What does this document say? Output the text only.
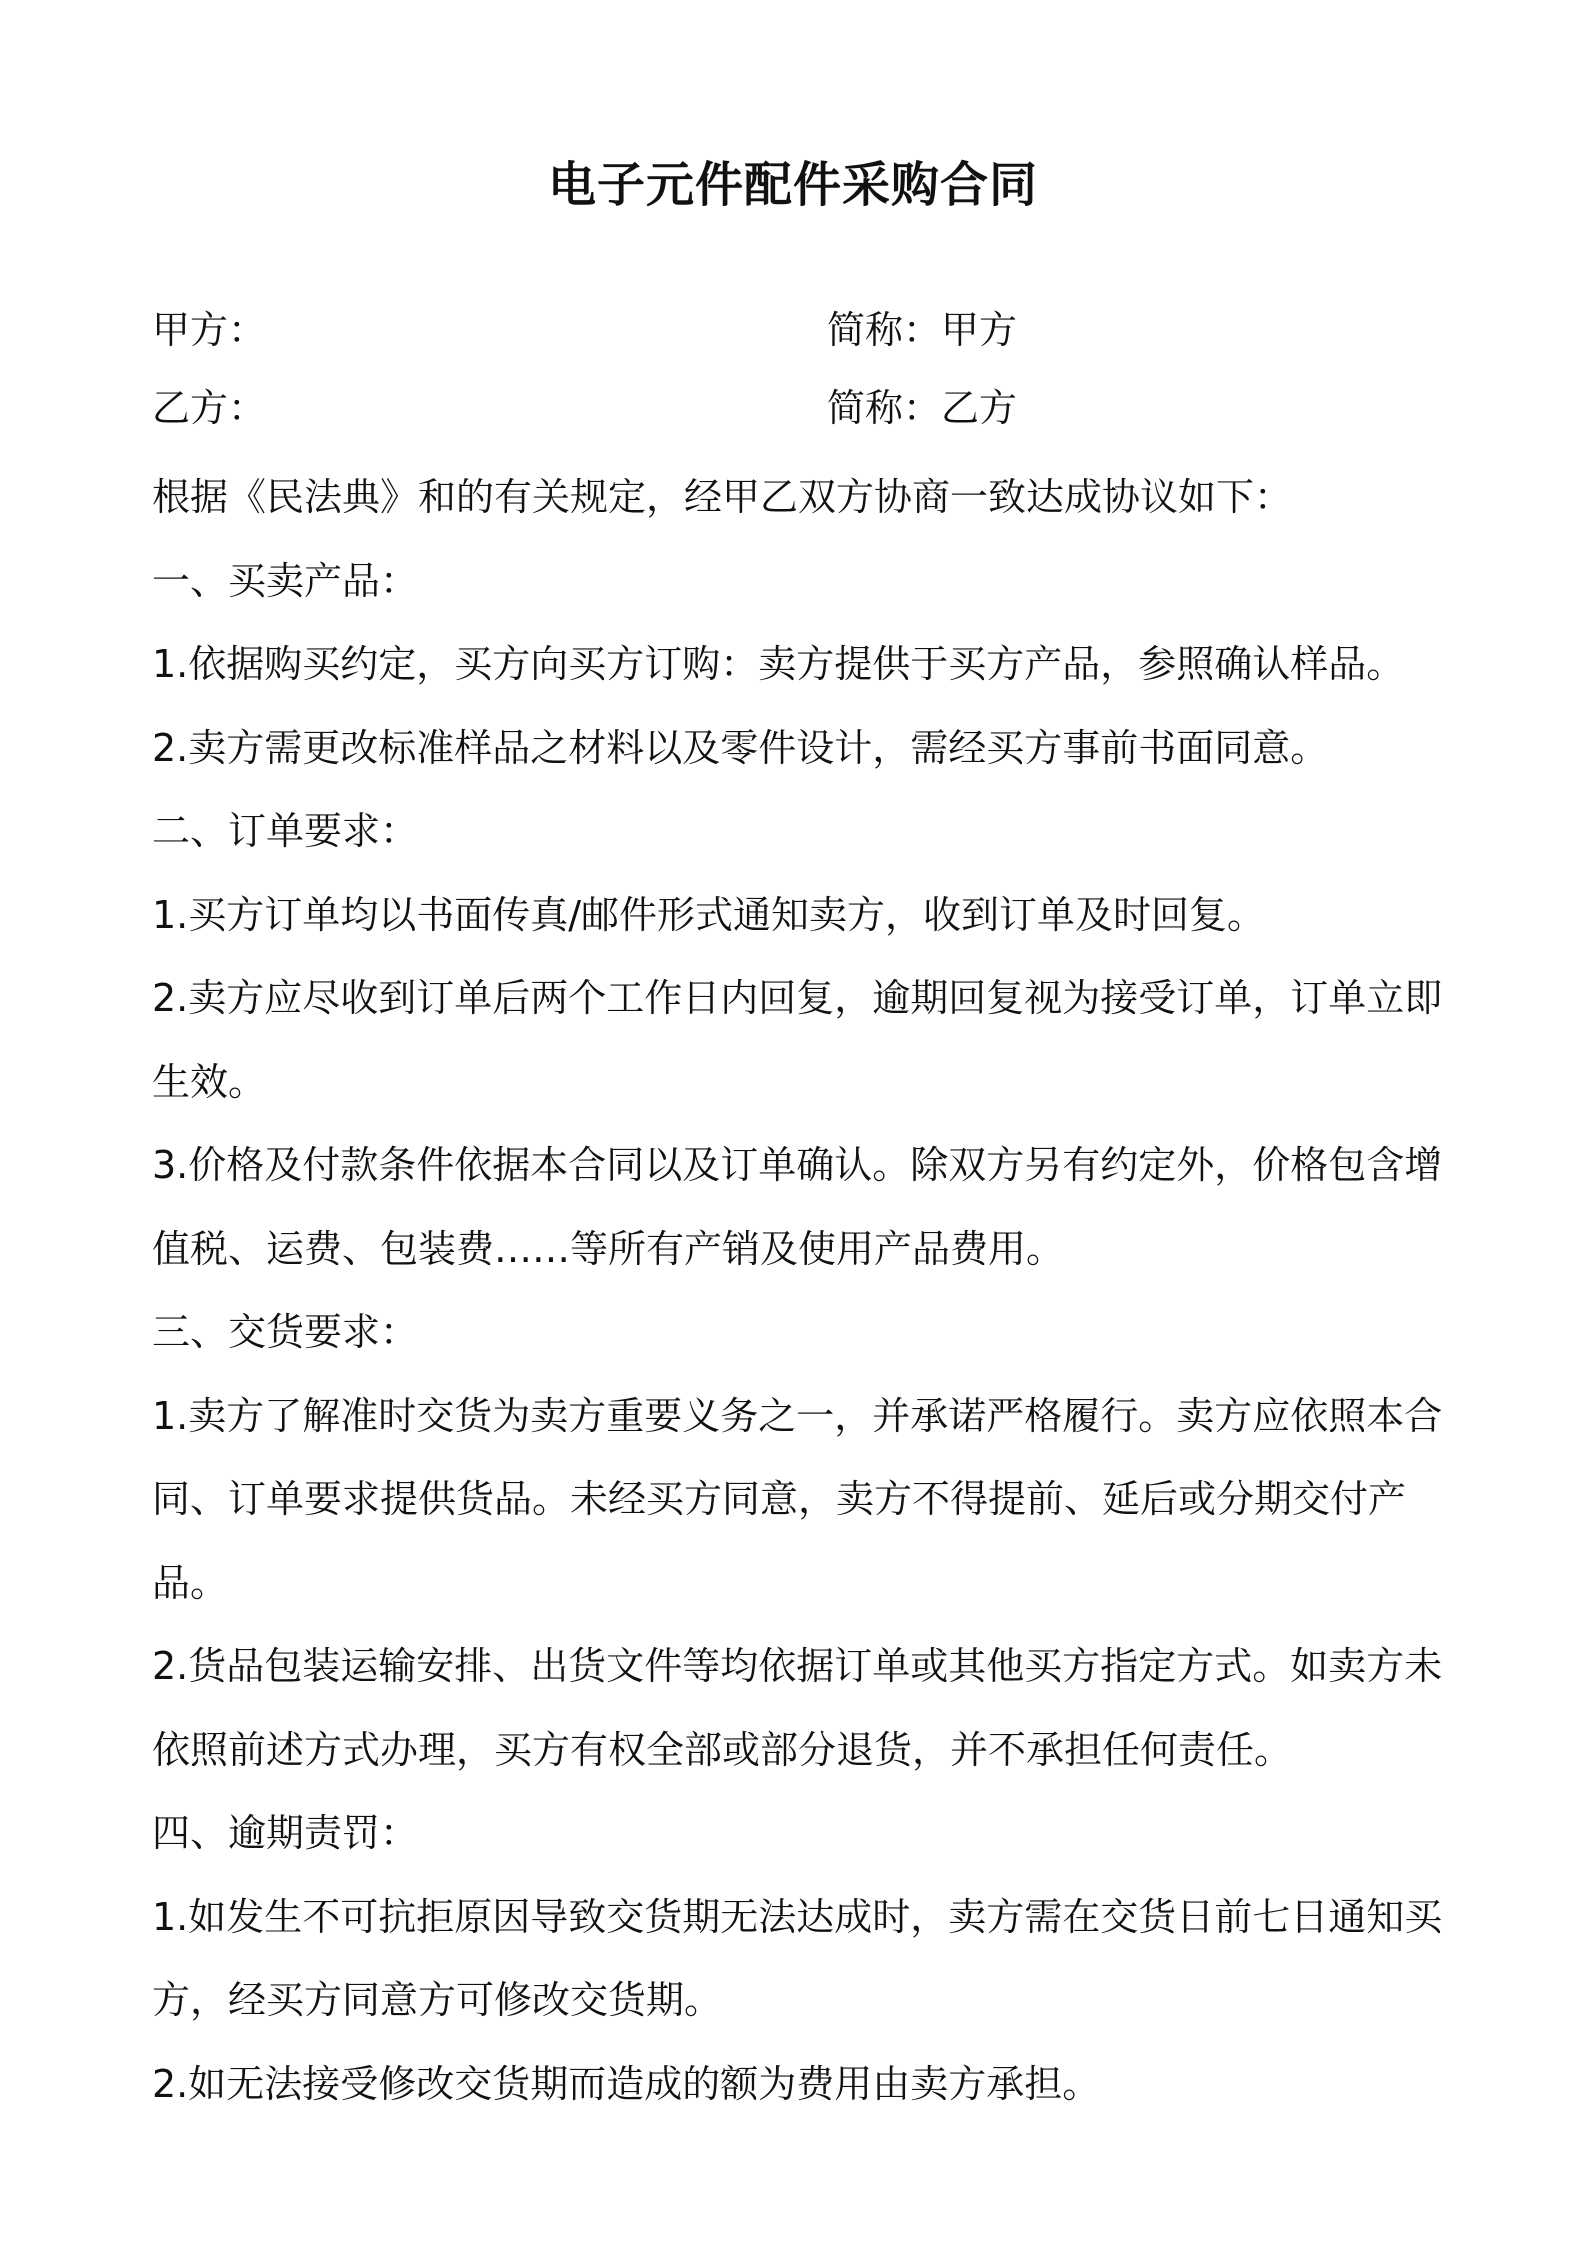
电子元件配件采购合同
甲方：	简称：甲方
乙方：	简称：乙方

根据《民法典》和的有关规定，经甲乙双方协商一致达成协议如下：

一、买卖产品：

1.依据购买约定，买方向买方订购：卖方提供于买方产品，参照确认样品。

2.卖方需更改标准样品之材料以及零件设计，需经买方事前书面同意。

二、订单要求：

1.买方订单均以书面传真/邮件形式通知卖方，收到订单及时回复。

2.卖方应尽收到订单后两个工作日内回复，逾期回复视为接受订单，订单立即生效。

3.价格及付款条件依据本合同以及订单确认。除双方另有约定外，价格包含增值税、运费、包装费……等所有产销及使用产品费用。

三、交货要求：

1.卖方了解准时交货为卖方重要义务之一，并承诺严格履行。卖方应依照本合同、订单要求提供货品。未经买方同意，卖方不得提前、延后或分期交付产品。

2.货品包装运输安排、出货文件等均依据订单或其他买方指定方式。如卖方未依照前述方式办理，买方有权全部或部分退货，并不承担任何责任。

四、逾期责罚：

1.如发生不可抗拒原因导致交货期无法达成时，卖方需在交货日前七日通知买方，经买方同意方可修改交货期。

2.如无法接受修改交货期而造成的额为费用由卖方承担。
